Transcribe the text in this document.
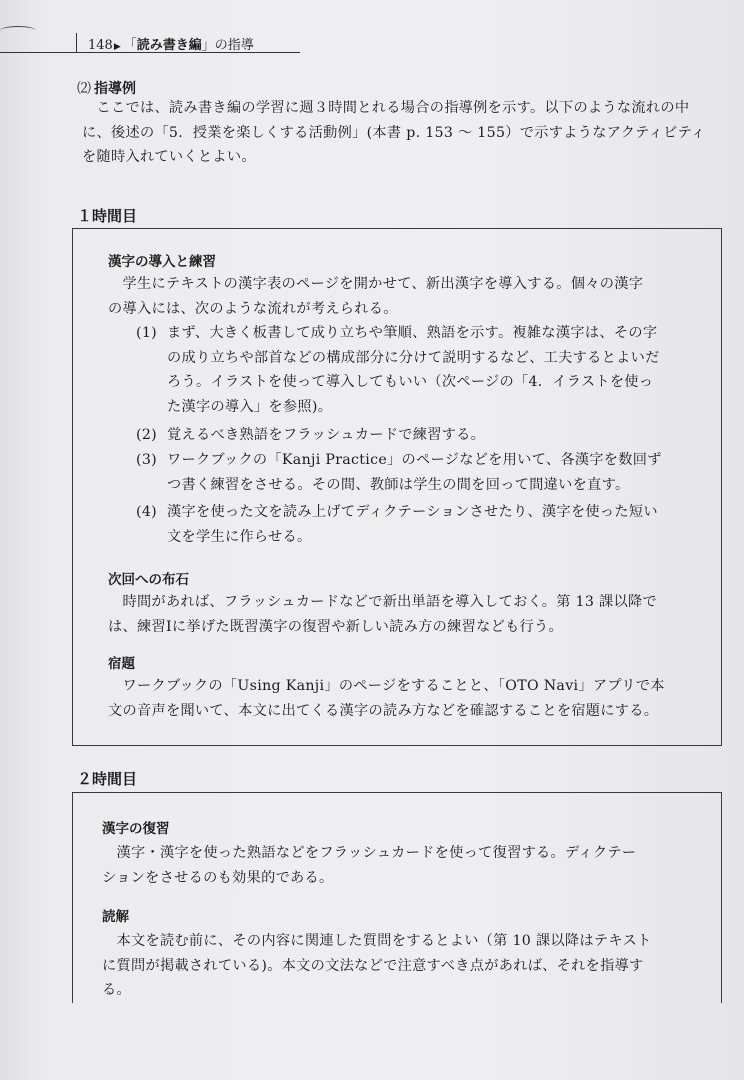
148▶ 「読み書き編」の指導
⑵ 指導例
　ここでは、読み書き編の学習に週３時間とれる場合の指導例を示す。以下のような流れの中
に、後述の「5．授業を楽しくする活動例」(本書 p. 153 ～ 155）で示すようなアクティビティ
を随時入れていくとよい。
１時間目
漢字の導入と練習
　学生にテキストの漢字表のページを開かせて、新出漢字を導入する。個々の漢字
の導入には、次のような流れが考えられる。
(1) まず、大きく板書して成り立ちや筆順、熟語を示す。複雑な漢字は、その字
の成り立ちや部首などの構成部分に分けて説明するなど、工夫するとよいだ
ろう。イラストを使って導入してもいい（次ページの「4．イラストを使っ
た漢字の導入」を参照)。
(2) 覚えるべき熟語をフラッシュカードで練習する。
(3) ワークブックの「Kanji Practice」のページなどを用いて、各漢字を数回ず
つ書く練習をさせる。その間、教師は学生の間を回って間違いを直す。
(4) 漢字を使った文を読み上げてディクテーションさせたり、漢字を使った短い
文を学生に作らせる。
次回への布石
　時間があれば、フラッシュカードなどで新出単語を導入しておく。第 13 課以降で
は、練習Ⅰに挙げた既習漢字の復習や新しい読み方の練習なども行う。
宿題
　ワークブックの「Using Kanji」のページをすることと、「OTO Navi」アプリで本
文の音声を聞いて、本文に出てくる漢字の読み方などを確認することを宿題にする。
２時間目
漢字の復習
　漢字・漢字を使った熟語などをフラッシュカードを使って復習する。ディクテー
ションをさせるのも効果的である。
読解
　本文を読む前に、その内容に関連した質問をするとよい（第 10 課以降はテキスト
に質問が掲載されている)。本文の文法などで注意すべき点があれば、それを指導す
る。
